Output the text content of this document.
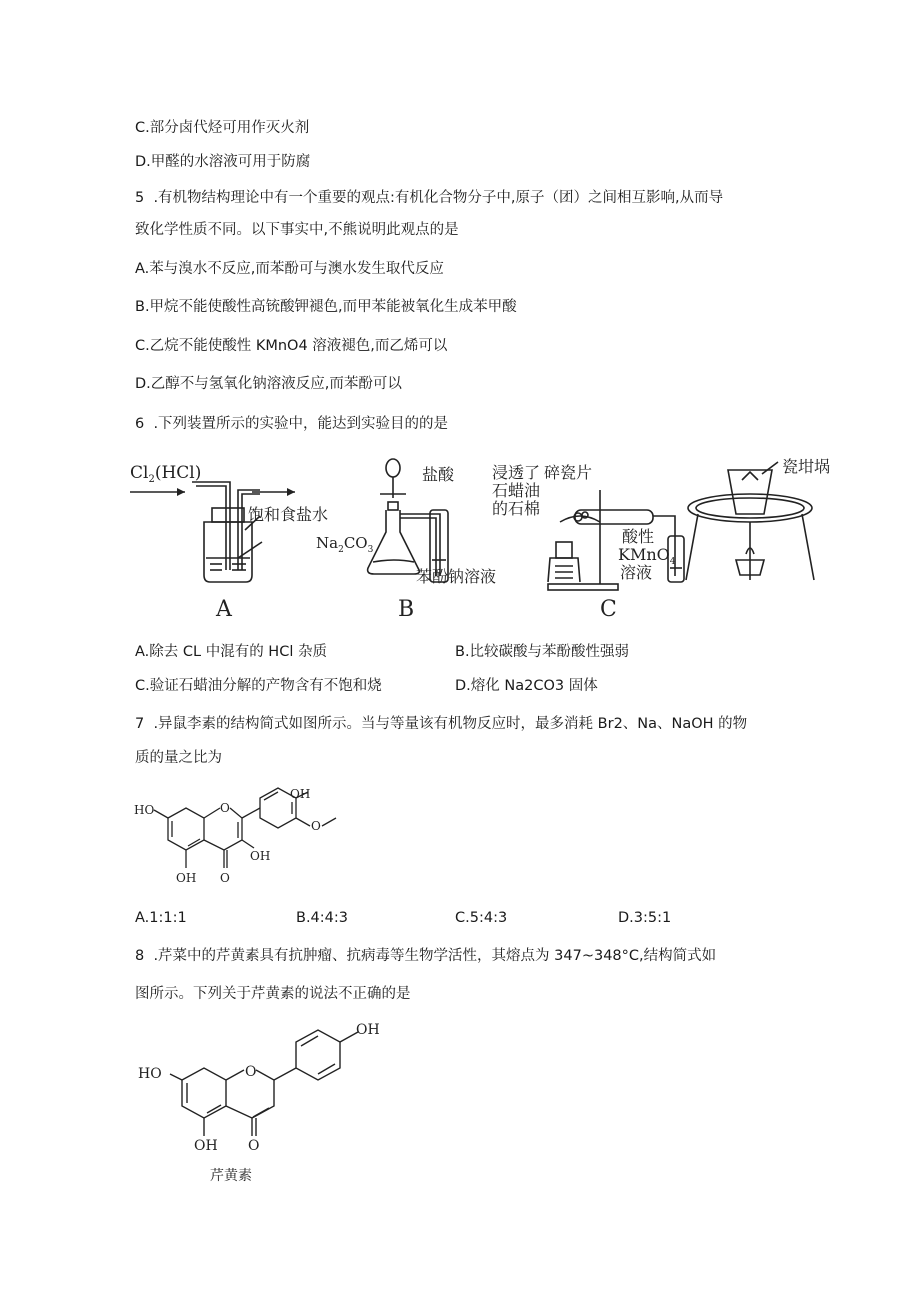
C.部分卤代烃可用作灭火剂
D.甲醛的水溶液可用于防腐
5  .有机物结构理论中有一个重要的观点:有机化合物分子中,原子（团）之间相互影响,从而导
致化学性质不同。以下事实中,不熊说明此观点的是
A.苯与溴水不反应,而苯酚可与澳水发生取代反应
B.甲烷不能使酸性高铳酸钾褪色,而甲苯能被氧化生成苯甲酸
C.乙烷不能使酸性 KMnO4 溶液褪色,而乙烯可以
D.乙醇不与氢氧化钠溶液反应,而苯酚可以
6  .下列装置所示的实验中，能达到实验目的的是
$Cl_2(HCl)$
饱和食盐水
A
盐酸
$Na_2CO_3$
苯酚钠溶液
B
浸透了
石蜡油
的石棉
碎瓷片
酸性
KMnO$_4$
溶液
C
瓷坩埚
A.除去 CL 中混有的 HCl 杂质	B.比较碳酸与苯酚酸性强弱
C.验证石蜡油分解的产物含有不饱和烧	D.熔化 Na2CO3 固体
7  .异鼠李素的结构简式如图所示。当与等量该有机物反应时，最多消耗 Br2、Na、NaOH 的物
质的量之比为
OH
HO	O
O
OH
O
OH
A.1:1:1	B.4:4:3	C.5:4:3	D.3:5:1
8  .芹菜中的芹黄素具有抗肿瘤、抗病毒等生物学活性，其熔点为 347~348°C,结构简式如
图所示。下列关于芹黄素的说法不正确的是
OH
HO	O
O
OH
芹黄素
